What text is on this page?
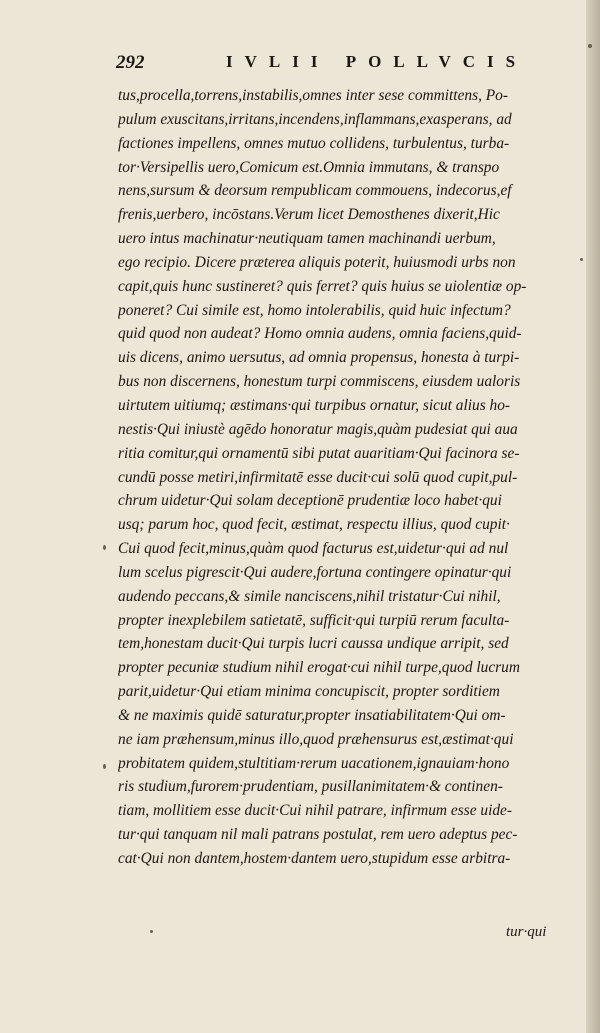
292	IVLII POLLVCIS
tus,procella,torrens,instabilis,omnes inter sese committens, Po-
pulum exuscitans,irritans,incendens,inflammans,exasperans, ad
factiones impellens, omnes mutuo collidens, turbulentus, turba-
tor·Versipellis uero,Comicum est.Omnia immutans, & transpo
nens,sursum & deorsum rempublicam commouens, indecorus,ef
frenis,uerbero, incōstans.Verum licet Demosthenes dixerit,Hic
uero intus machinatur·neutiquam tamen machinandi uerbum,
ego recipio. Dicere præterea aliquis poterit, huiusmodi urbs non
capit,quis hunc sustineret? quis ferret? quis huius se uiolentiæ op-
poneret? Cui simile est, homo intolerabilis, quid huic infectum?
quid quod non audeat? Homo omnia audens, omnia faciens,quid-
uis dicens, animo uersutus, ad omnia propensus, honesta à turpi-
bus non discernens, honestum turpi commiscens, eiusdem ualoris
uirtutem uitiumq; æstimans·qui turpibus ornatur, sicut alius ho-
nestis·Qui iniustè agēdo honoratur magis,quàm pudesiat qui aua
ritia comitur,qui ornamentū sibi putat auaritiam·Qui facinora se-
cundū posse metiri,infirmitatē esse ducit·cui solū quod cupit,pul-
chrum uidetur·Qui solam deceptionē prudentiæ loco habet·qui
usq; parum hoc, quod fecit, æstimat, respectu illius, quod cupit·
Cui quod fecit,minus,quàm quod facturus est,uidetur·qui ad nul
lum scelus pigrescit·Qui audere,fortuna contingere opinatur·qui
audendo peccans,& simile nanciscens,nihil tristatur·Cui nihil,
propter inexplebilem satietatē, sufficit·qui turpiū rerum faculta-
tem,honestam ducit·Qui turpis lucri caussa undique arripit, sed
propter pecuniæ studium nihil erogat·cui nihil turpe,quod lucrum
parit,uidetur·Qui etiam minima concupiscit, propter sorditiem
& ne maximis quidē saturatur,propter insatiabilitatem·Qui om-
ne iam præhensum,minus illo,quod præhensurus est,æstimat·qui
probitatem quidem,stultitiam·rerum uacationem,ignauiam·hono
ris studium,furorem·prudentiam, pusillanimitatem·& continen-
tiam, mollitiem esse ducit·Cui nihil patrare, infirmum esse uide-
tur·qui tanquam nil mali patrans postulat, rem uero adeptus pec-
cat·Qui non dantem,hostem·dantem uero,stupidum esse arbitra-
tur·qui
